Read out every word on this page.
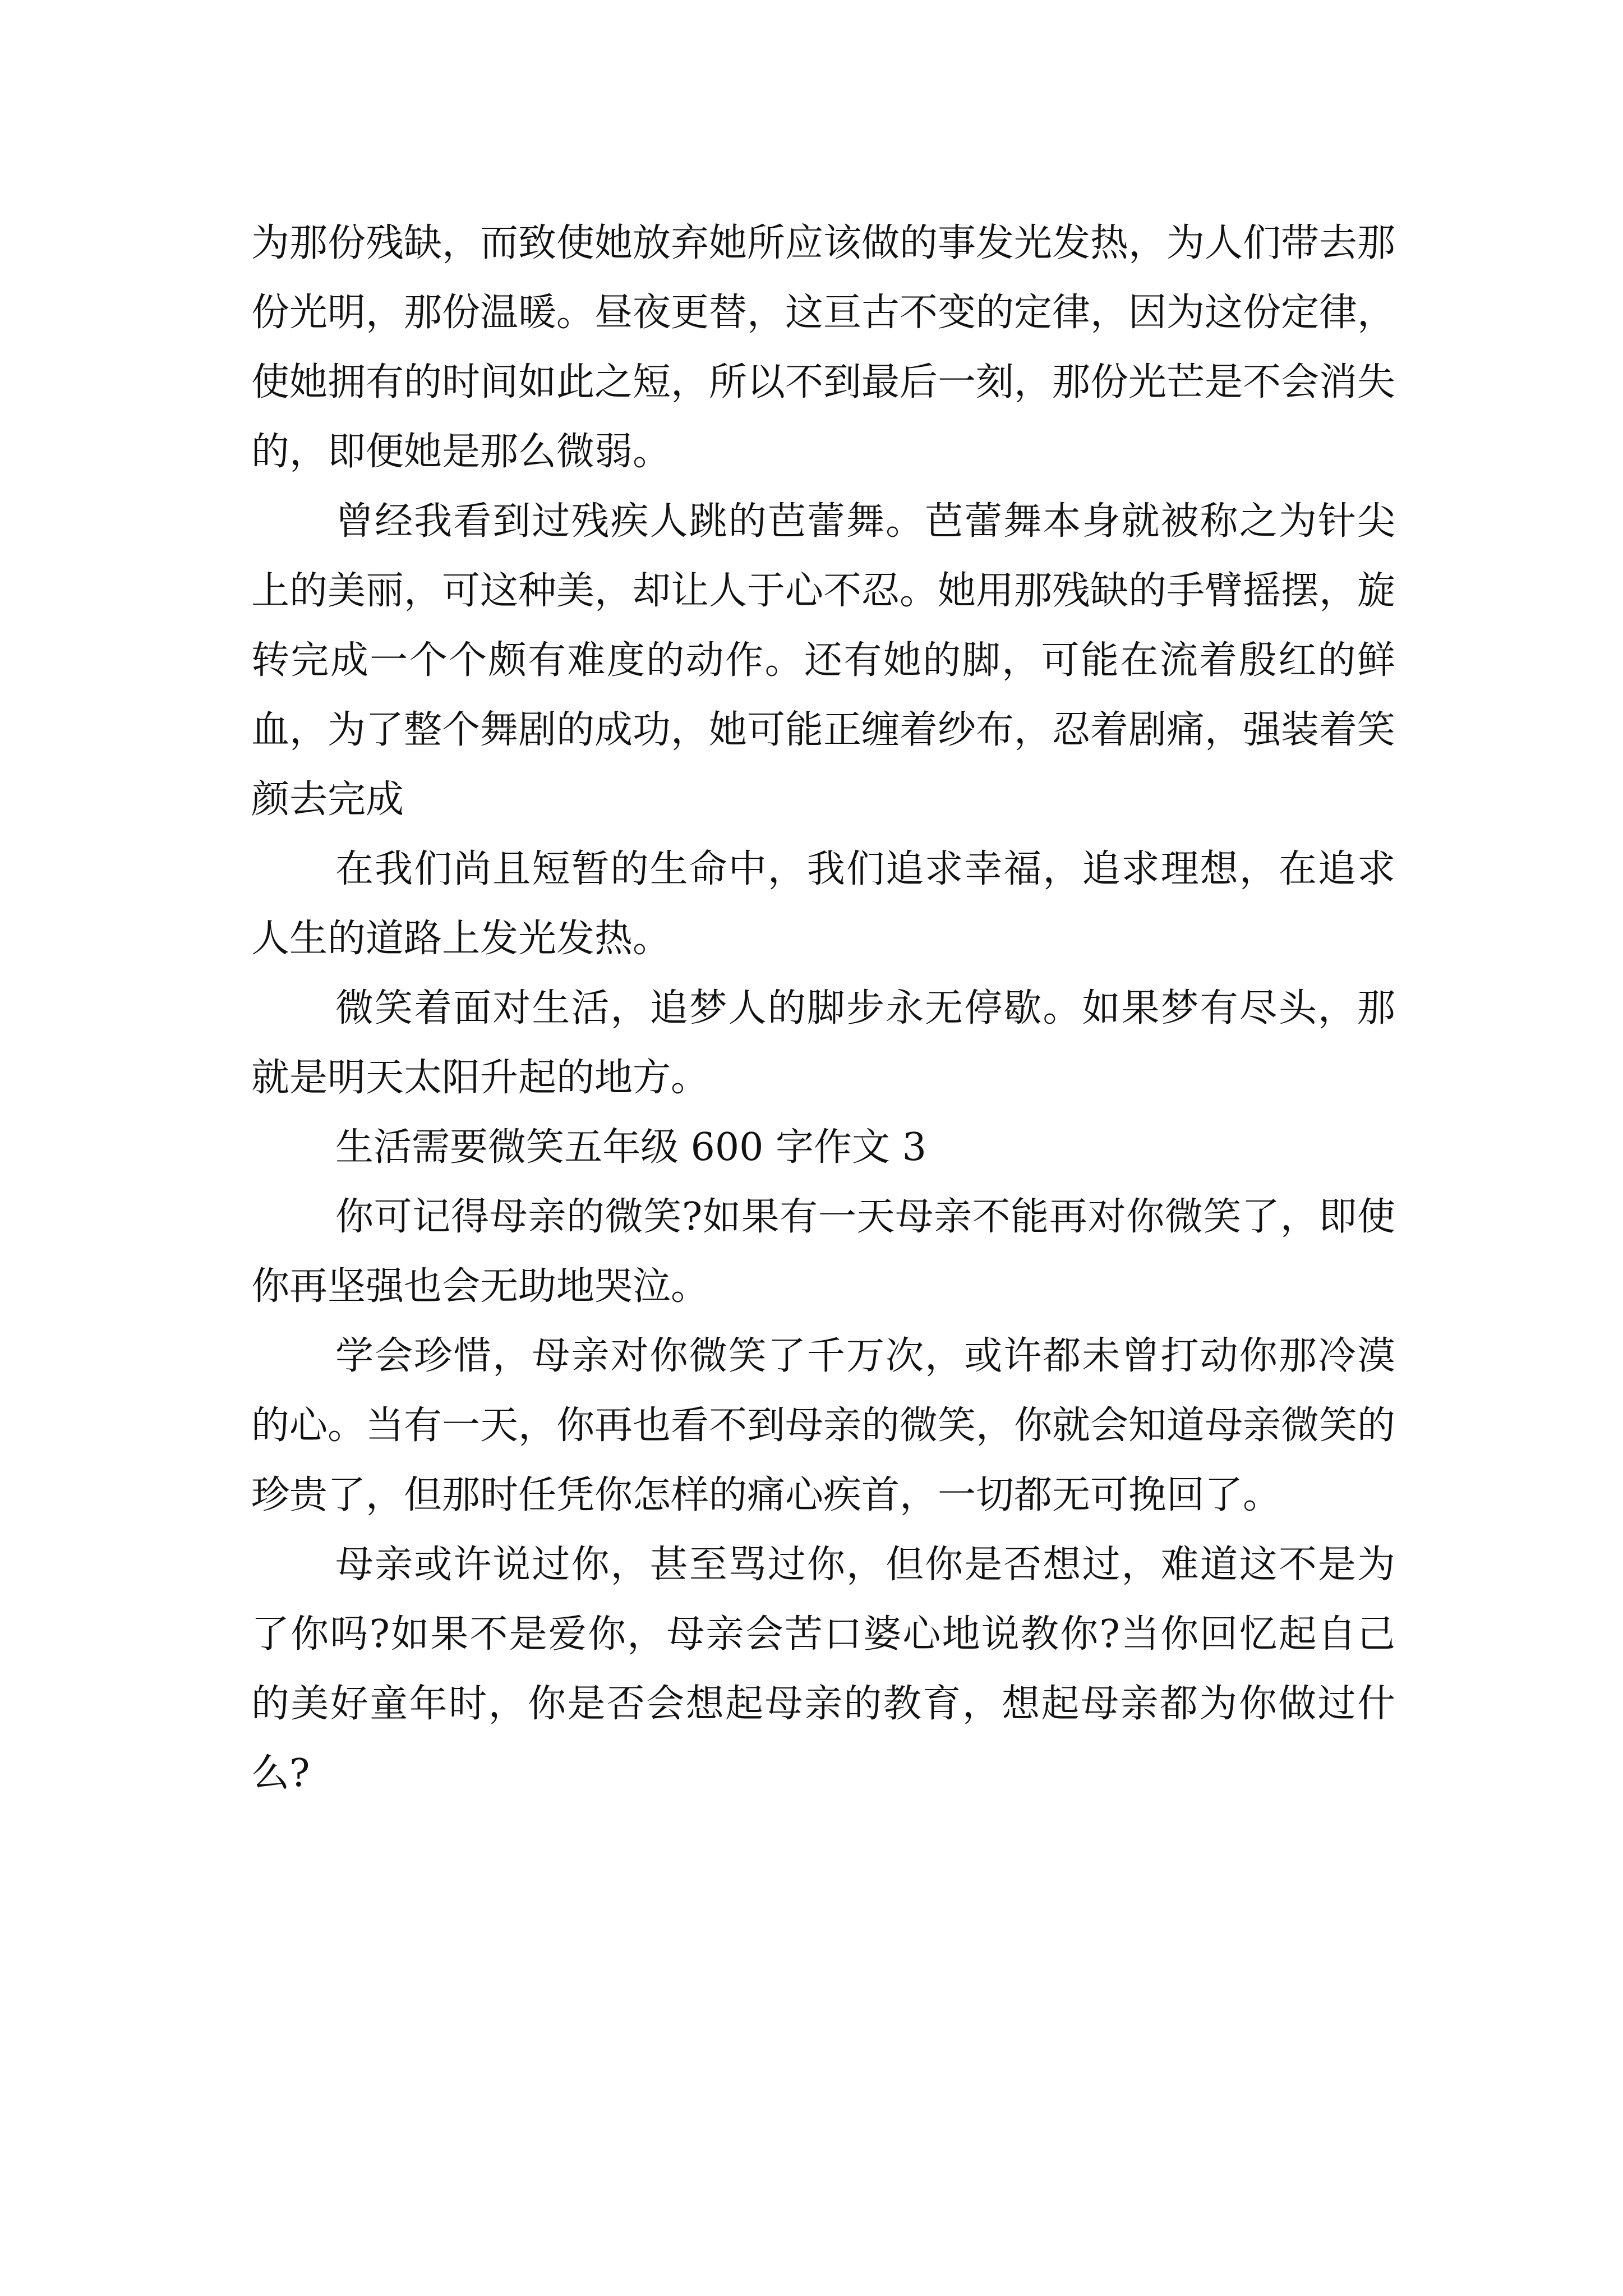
为那份残缺，而致使她放弃她所应该做的事发光发热，为人们带去那份光明，那份温暖。昼夜更替，这亘古不变的定律，因为这份定律，使她拥有的时间如此之短，所以不到最后一刻，那份光芒是不会消失的，即便她是那么微弱。

曾经我看到过残疾人跳的芭蕾舞。芭蕾舞本身就被称之为针尖上的美丽，可这种美，却让人于心不忍。她用那残缺的手臂摇摆，旋转完成一个个颇有难度的动作。还有她的脚，可能在流着殷红的鲜血，为了整个舞剧的成功，她可能正缠着纱布，忍着剧痛，强装着笑颜去完成

在我们尚且短暂的生命中，我们追求幸福，追求理想，在追求人生的道路上发光发热。

微笑着面对生活，追梦人的脚步永无停歇。如果梦有尽头，那就是明天太阳升起的地方。

生活需要微笑五年级 600 字作文 3

你可记得母亲的微笑?如果有一天母亲不能再对你微笑了，即使你再坚强也会无助地哭泣。

学会珍惜，母亲对你微笑了千万次，或许都未曾打动你那冷漠的心。当有一天，你再也看不到母亲的微笑，你就会知道母亲微笑的珍贵了，但那时任凭你怎样的痛心疾首，一切都无可挽回了。

母亲或许说过你，甚至骂过你，但你是否想过，难道这不是为了你吗?如果不是爱你，母亲会苦口婆心地说教你?当你回忆起自己的美好童年时，你是否会想起母亲的教育，想起母亲都为你做过什么?
